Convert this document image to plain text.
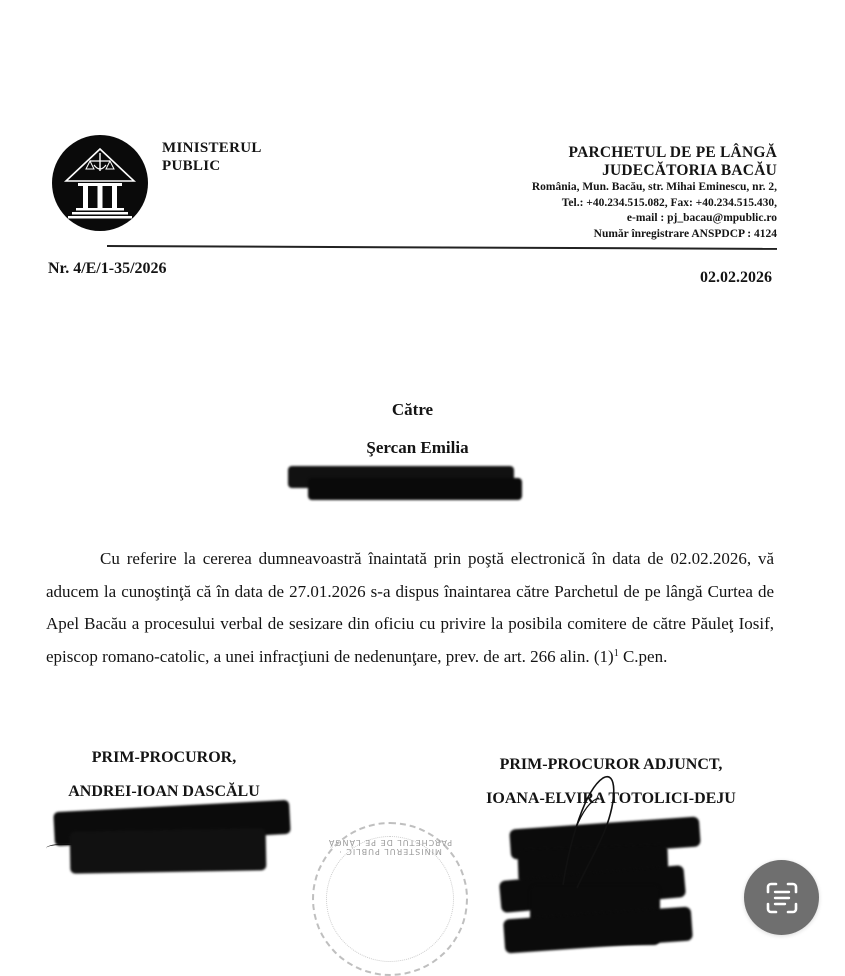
MINISTERUL
PUBLIC
PARCHETUL DE PE LÂNGĂ
JUDECĂTORIA BACĂU
România, Mun. Bacău, str. Mihai Eminescu, nr. 2,
Tel.: +40.234.515.082, Fax: +40.234.515.430,
e-mail : pj_bacau@mpublic.ro
Număr înregistrare ANSPDCP : 4124
Nr. 4/E/1-35/2026
02.02.2026
Către
Şercan Emilia

Cu referire la cererea dumneavoastră înaintată prin poştă electronică în data de 02.02.2026, vă aducem la cunoştinţă că în data de 27.01.2026 s-a dispus înaintarea către Parchetul de pe lângă Curtea de Apel Bacău a procesului verbal de sesizare din oficiu cu privire la posibila comitere de către Păuleţ Iosif, episcop romano-catolic, a unei infracţiuni de nedenunţare, prev. de art. 266 alin. $(1)^1$ C.pen.

PRIM-PROCUROR,
ANDREI-IOAN DASCĂLU
PRIM-PROCUROR ADJUNCT,
IOANA-ELVIRA TOTOLICI-DEJU
MINISTERUL PUBLIC · PARCHETUL DE PE LÂNGĂ
